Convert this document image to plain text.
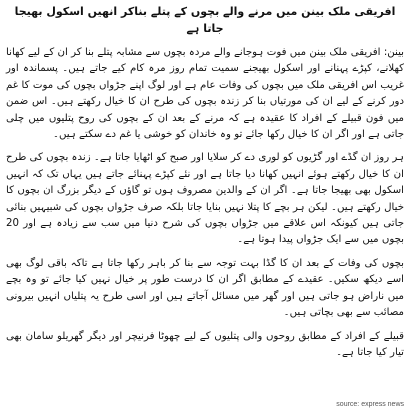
افریقی ملک بینن میں مرنے والے بچوں کے پتلے بناکر انھیں اسکول بھیجا جاتا ہے

بینن: افریقی ملک بینن میں فوت ہوجانے والے مردہ بچوں سے مشابہ پتلے بنا کر ان کے لیے کھانا کھلانے، کپڑے پہنانے اور اسکول بھیجنے سمیت تمام روز مرہ کام کیے جاتے ہیں۔ پسماندہ اور غریب اس افریقی ملک میں بچوں کی وفات عام ہے اور لوگ اپنے جڑواں بچوں کی موت کا غم دور کرنے کے لیے ان کی مورتیاں بنا کر زندہ بچوں کی طرح ان کا خیال رکھتے ہیں۔ اس ضمن میں فون قبیلے کے افراد کا عقیدہ ہے کہ مرنے کے بعد ان کے بچوں کی روح پتلیوں میں چلی جاتی ہے اور اگر ان کا خیال رکھا جائے تو وہ خاندان کو خوشی یا غم دے سکتے ہیں۔

ہر روز ان گڈے اور گڑیوں کو لوری دے کر سلایا اور صبح کو اٹھایا جاتا ہے۔ زندہ بچوں کی طرح ان کا خیال رکھتے ہوئے انہیں کھانا دیا جاتا ہے اور نئے کپڑے پہنائے جاتے ہیں یہاں تک کہ انہیں اسکول بھی بھیجا جاتا ہے۔ اگر ان کے والدین مصروف ہوں تو گاؤں کے دیگر بزرگ ان بچوں کا خیال رکھتے ہیں۔ لیکن ہر بچے کا پتلا نہیں بنایا جاتا بلکہ صرف جڑواں بچوں کی شبیہیں بنائی جاتی ہیں کیونکہ اس علاقے میں جڑواں بچوں کی شرح دنیا میں سب سے زیادہ ہے اور 20 بچوں میں سے ایک جڑواں پیدا ہوتا ہے۔

بچوں کی وفات کے بعد ان کا گڈا بہت توجہ سے بنا کر باہر رکھا جاتا ہے تاکہ باقی لوگ بھی اسے دیکھ سکیں۔ عقیدے کے مطابق اگر ان کا درست طور پر خیال نہیں کیا جائے تو وہ بچے میں ناراض ہو جاتی ہیں اور گھر میں مسائل آجاتے ہیں اور اسی طرح یہ پتلیاں انہیں بیرونی مصائب سے بھی بچاتی ہیں۔

قبیلے کے افراد کے مطابق روحوں والی پتلیوں کے لیے چھوٹا فرنیچر اور دیگر گھریلو سامان بھی تیار کیا جاتا ہے۔

source: express news
